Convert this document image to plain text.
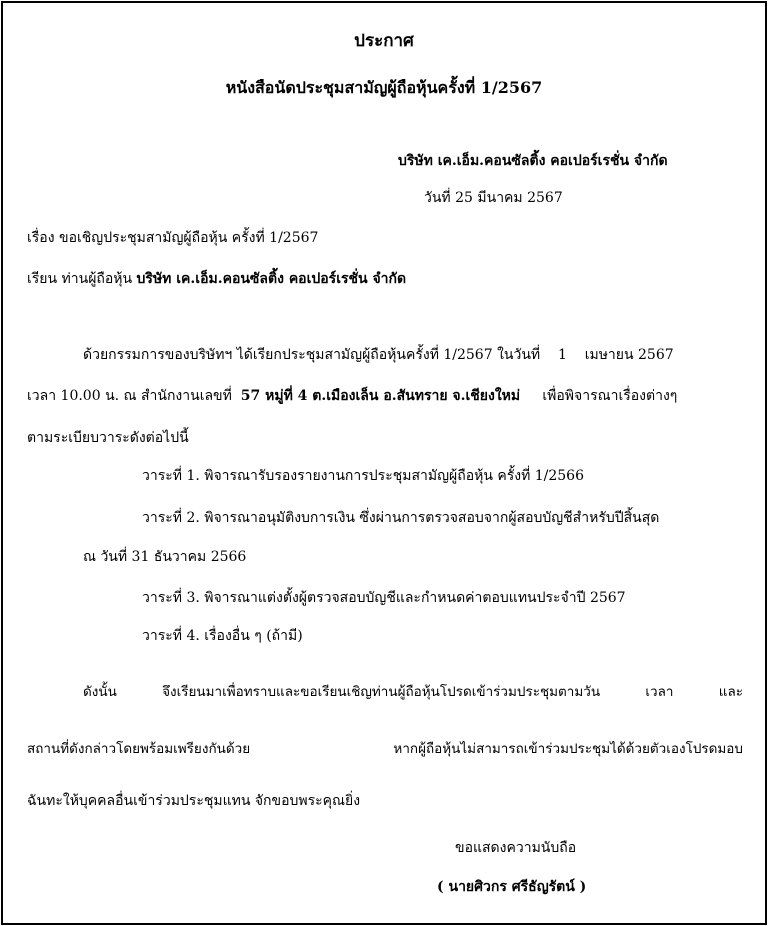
ประกาศ
หนังสือนัดประชุมสามัญผู้ถือหุ้นครั้งที่ 1/2567
บริษัท เค.เอ็ม.คอนซัลติ้ง คอเปอร์เรชั่น จำกัด
วันที่ 25 มีนาคม 2567
เรื่อง ขอเชิญประชุมสามัญผู้ถือหุ้น ครั้งที่ 1/2567
เรียน ท่านผู้ถือหุ้น บริษัท เค.เอ็ม.คอนซัลติ้ง คอเปอร์เรชั่น จำกัด
ด้วยกรรมการของบริษัทฯ ได้เรียกประชุมสามัญผู้ถือหุ้นครั้งที่ 1/2567 ในวันที่ 1 เมษายน 2567
เวลา 10.00 น. ณ สำนักงานเลขที่ 57 หมู่ที่ 4 ต.เมืองเล็น อ.สันทราย จ.เชียงใหม่ เพื่อพิจารณาเรื่องต่างๆ
ตามระเบียบวาระดังต่อไปนี้
วาระที่ 1. พิจารณารับรองรายงานการประชุมสามัญผู้ถือหุ้น ครั้งที่ 1/2566
วาระที่ 2. พิจารณาอนุมัติงบการเงิน ซึ่งผ่านการตรวจสอบจากผู้สอบบัญชีสำหรับปีสิ้นสุด
ณ วันที่ 31 ธันวาคม 2566
วาระที่ 3. พิจารณาแต่งตั้งผู้ตรวจสอบบัญชีและกำหนดค่าตอบแทนประจำปี 2567
วาระที่ 4. เรื่องอื่น ๆ (ถ้ามี)
ดังนั้น จึงเรียนมาเพื่อทราบและขอเรียนเชิญท่านผู้ถือหุ้นโปรดเข้าร่วมประชุมตามวัน เวลา และ
สถานที่ดังกล่าวโดยพร้อมเพรียงกันด้วย หากผู้ถือหุ้นไม่สามารถเข้าร่วมประชุมได้ด้วยตัวเองโปรดมอบ
ฉันทะให้บุคคลอื่นเข้าร่วมประชุมแทน จักขอบพระคุณยิ่ง
ขอแสดงความนับถือ
( นายศิวกร ศรีธัญรัตน์ )
